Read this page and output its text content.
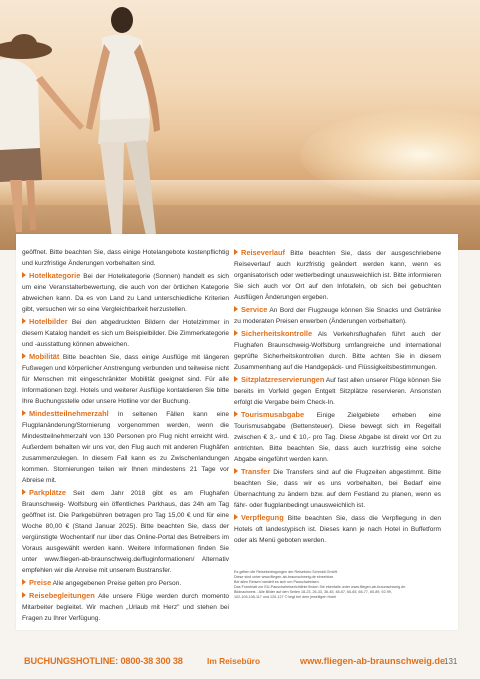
geöffnet. Bitte beachten Sie, dass einige Hotelangebote kostenpflichtig und kurzfristige Änderungen vorbehalten sind.

Hotelkategorie Bei der Hotelkategorie (Sonnen) handelt es sich um eine Veranstalterbewertung, die auch von der örtlichen Kategorie abweichen kann. Da es von Land zu Land unterschiedliche Kriterien gibt, versuchen wir so eine Vergleichbarkeit herzustellen.

Hotelbilder Bei den abgedruckten Bildern der Hotelzimmer in diesem Katalog handelt es sich um Beispielbilder. Die Zimmerkategorie und -ausstattung können abweichen.

Mobilität Bitte beachten Sie, dass einige Ausflüge mit längeren Fußwegen und körperlicher Anstrengung verbunden und teilweise nicht für Menschen mit eingeschränkter Mobilität geeignet sind. Für alle Informationen bzgl. Hotels und weiterer Ausflüge kontaktieren Sie bitte Ihre Buchungsstelle oder unsere Hotline vor der Buchung.

Mindestteilnehmerzahl In seltenen Fällen kann eine Flugplanänderung/Stornierung vorgenommen werden, wenn die Mindestteilnehmerzahl von 130 Personen pro Flug nicht erreicht wird. Außerdem behalten wir uns vor, den Flug auch mit anderen Flughäfen zusammenzulegen. In diesem Fall kann es zu Zwischenlandungen kommen. Stornierungen teilen wir Ihnen mindestens 21 Tage vor Abreise mit.

Parkplätze Seit dem Jahr 2018 gibt es am Flughafen Braunschweig- Wolfsburg ein öffentliches Parkhaus, das 24h am Tag geöffnet ist. Die Parkgebühren betragen pro Tag 15,00 € und für eine Woche 80,00 € (Stand Januar 2025). Bitte beachten Sie, dass der vergünstigte Wochentarif nur über das Online-Portal des Betreibers im Voraus ausgewählt werden kann. Weitere Informationen finden Sie unter www.fliegen-ab-braunschweig.de/fluginformationen/ Alternativ empfehlen wir die Anreise mit unserem Bustransfer.

Preise Alle angegebenen Preise gelten pro Person.

Reisebegleitungen Alle unsere Flüge werden durch momento Mitarbeiter begleitet. Wir machen „Urlaub mit Herz" und stehen bei Fragen zu Ihrer Verfügung.

Reiseverlauf Bitte beachten Sie, dass der ausgeschriebene Reiseverlauf auch kurzfristig geändert werden kann, wenn es organisatorisch oder wetterbedingt unausweichlich ist. Bitte informieren Sie sich auch vor Ort auf den Infotafeln, ob sich bei gebuchten Ausflügen Änderungen ergeben.

Service An Bord der Flugzeuge können Sie Snacks und Getränke zu moderaten Preisen erwerben (Änderungen vorbehalten).

Sicherheitskontrolle Als Verkehrsflughafen führt auch der Flughafen Braunschweig-Wolfsburg umfangreiche und international geprüfte Sicherheitskontrollen durch. Bitte achten Sie in diesem Zusammenhang auf die Handgepäck- und Flüssigkeitsbestimmungen.

Sitzplatzreservierungen Auf fast allen unserer Flüge können Sie bereits im Vorfeld gegen Entgelt Sitzplätze reservieren. Ansonsten erfolgt die Vergabe beim Check-In.

Tourismusabgabe Einige Zielgebiete erheben eine Tourismusabgabe (Bettensteuer). Diese bewegt sich im Regelfall zwischen € 3,- und € 10,- pro Tag. Diese Abgabe ist direkt vor Ort zu entrichten. Bitte beachten Sie, dass auch kurzfristig eine solche Abgabe eingeführt werden kann.

Transfer Die Transfers sind auf die Flugzeiten abgestimmt. Bitte beachten Sie, dass wir es uns vorbehalten, bei Bedarf eine Übernachtung zu ändern bzw. auf dem Festland zu planen, wenn es fähr- oder flugplanbedingt unausweichlich ist.

Verpflegung Bitte beachten Sie, dass die Verpflegung in den Hotels oft landestypisch ist. Dieses kann je nach Hotel in Buffetform oder als Menü geboten werden.

Es gelten die Reisebedingungen der Reisebüro Schmidt GmbH.
Diese sind unter www.fliegen-ab-braunschweig.de einsehbar.
Bei allen Reisen handelt es sich um Pauschalreisen.
Das Formblatt zur EU-Pauschalreiserichtlinie finden Sie ebenfalls unter www.fliegen-ab-braunschweig.de.
Bildnachweis - Alle Bilder auf den Seiten 18-23, 26-33, 36-45, 48-57, 60-65, 68-77, 80-89, 92-99,
102-105,108-117 und 120-127 © liegt bei dem jeweiligen Hotel
BUCHUNGSHOTLINE: 0800-38 300 38	Im Reisebüro	www.fliegen-ab-braunschweig.de
131
